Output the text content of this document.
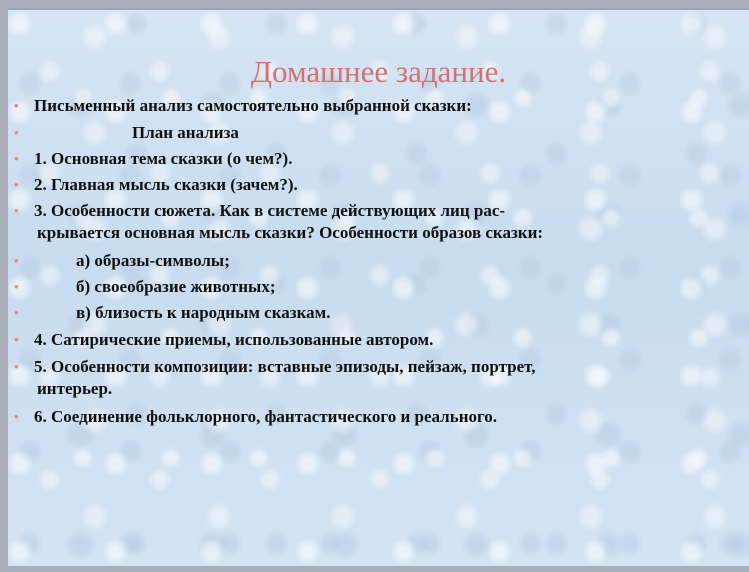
Домашнее задание.
• Письменный анализ самостоятельно выбранной сказки:
•	План анализа
• 1. Основная тема сказки (о чем?).
• 2. Главная мысль сказки (зачем?).
• 3. Особенности сюжета. Как в системе действующих лиц рас-
крывается основная мысль сказки? Особенности образов сказки:
•	а) образы-символы;
•	б) своеобразие животных;
•	в) близость к народным сказкам.
• 4. Сатирические приемы, использованные автором.
• 5. Особенности композиции: вставные эпизоды, пейзаж, портрет,
интерьер.
• 6. Соединение фольклорного, фантастического и реального.
